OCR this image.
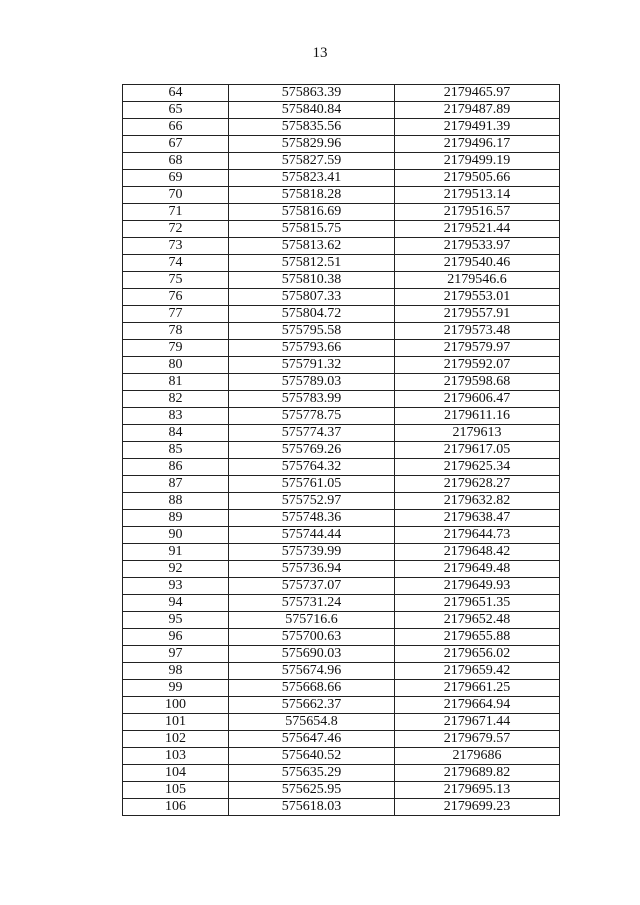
13
64	575863.39	2179465.97
65	575840.84	2179487.89
66	575835.56	2179491.39
67	575829.96	2179496.17
68	575827.59	2179499.19
69	575823.41	2179505.66
70	575818.28	2179513.14
71	575816.69	2179516.57
72	575815.75	2179521.44
73	575813.62	2179533.97
74	575812.51	2179540.46
75	575810.38	2179546.6
76	575807.33	2179553.01
77	575804.72	2179557.91
78	575795.58	2179573.48
79	575793.66	2179579.97
80	575791.32	2179592.07
81	575789.03	2179598.68
82	575783.99	2179606.47
83	575778.75	2179611.16
84	575774.37	2179613
85	575769.26	2179617.05
86	575764.32	2179625.34
87	575761.05	2179628.27
88	575752.97	2179632.82
89	575748.36	2179638.47
90	575744.44	2179644.73
91	575739.99	2179648.42
92	575736.94	2179649.48
93	575737.07	2179649.93
94	575731.24	2179651.35
95	575716.6	2179652.48
96	575700.63	2179655.88
97	575690.03	2179656.02
98	575674.96	2179659.42
99	575668.66	2179661.25
100	575662.37	2179664.94
101	575654.8	2179671.44
102	575647.46	2179679.57
103	575640.52	2179686
104	575635.29	2179689.82
105	575625.95	2179695.13
106	575618.03	2179699.23
